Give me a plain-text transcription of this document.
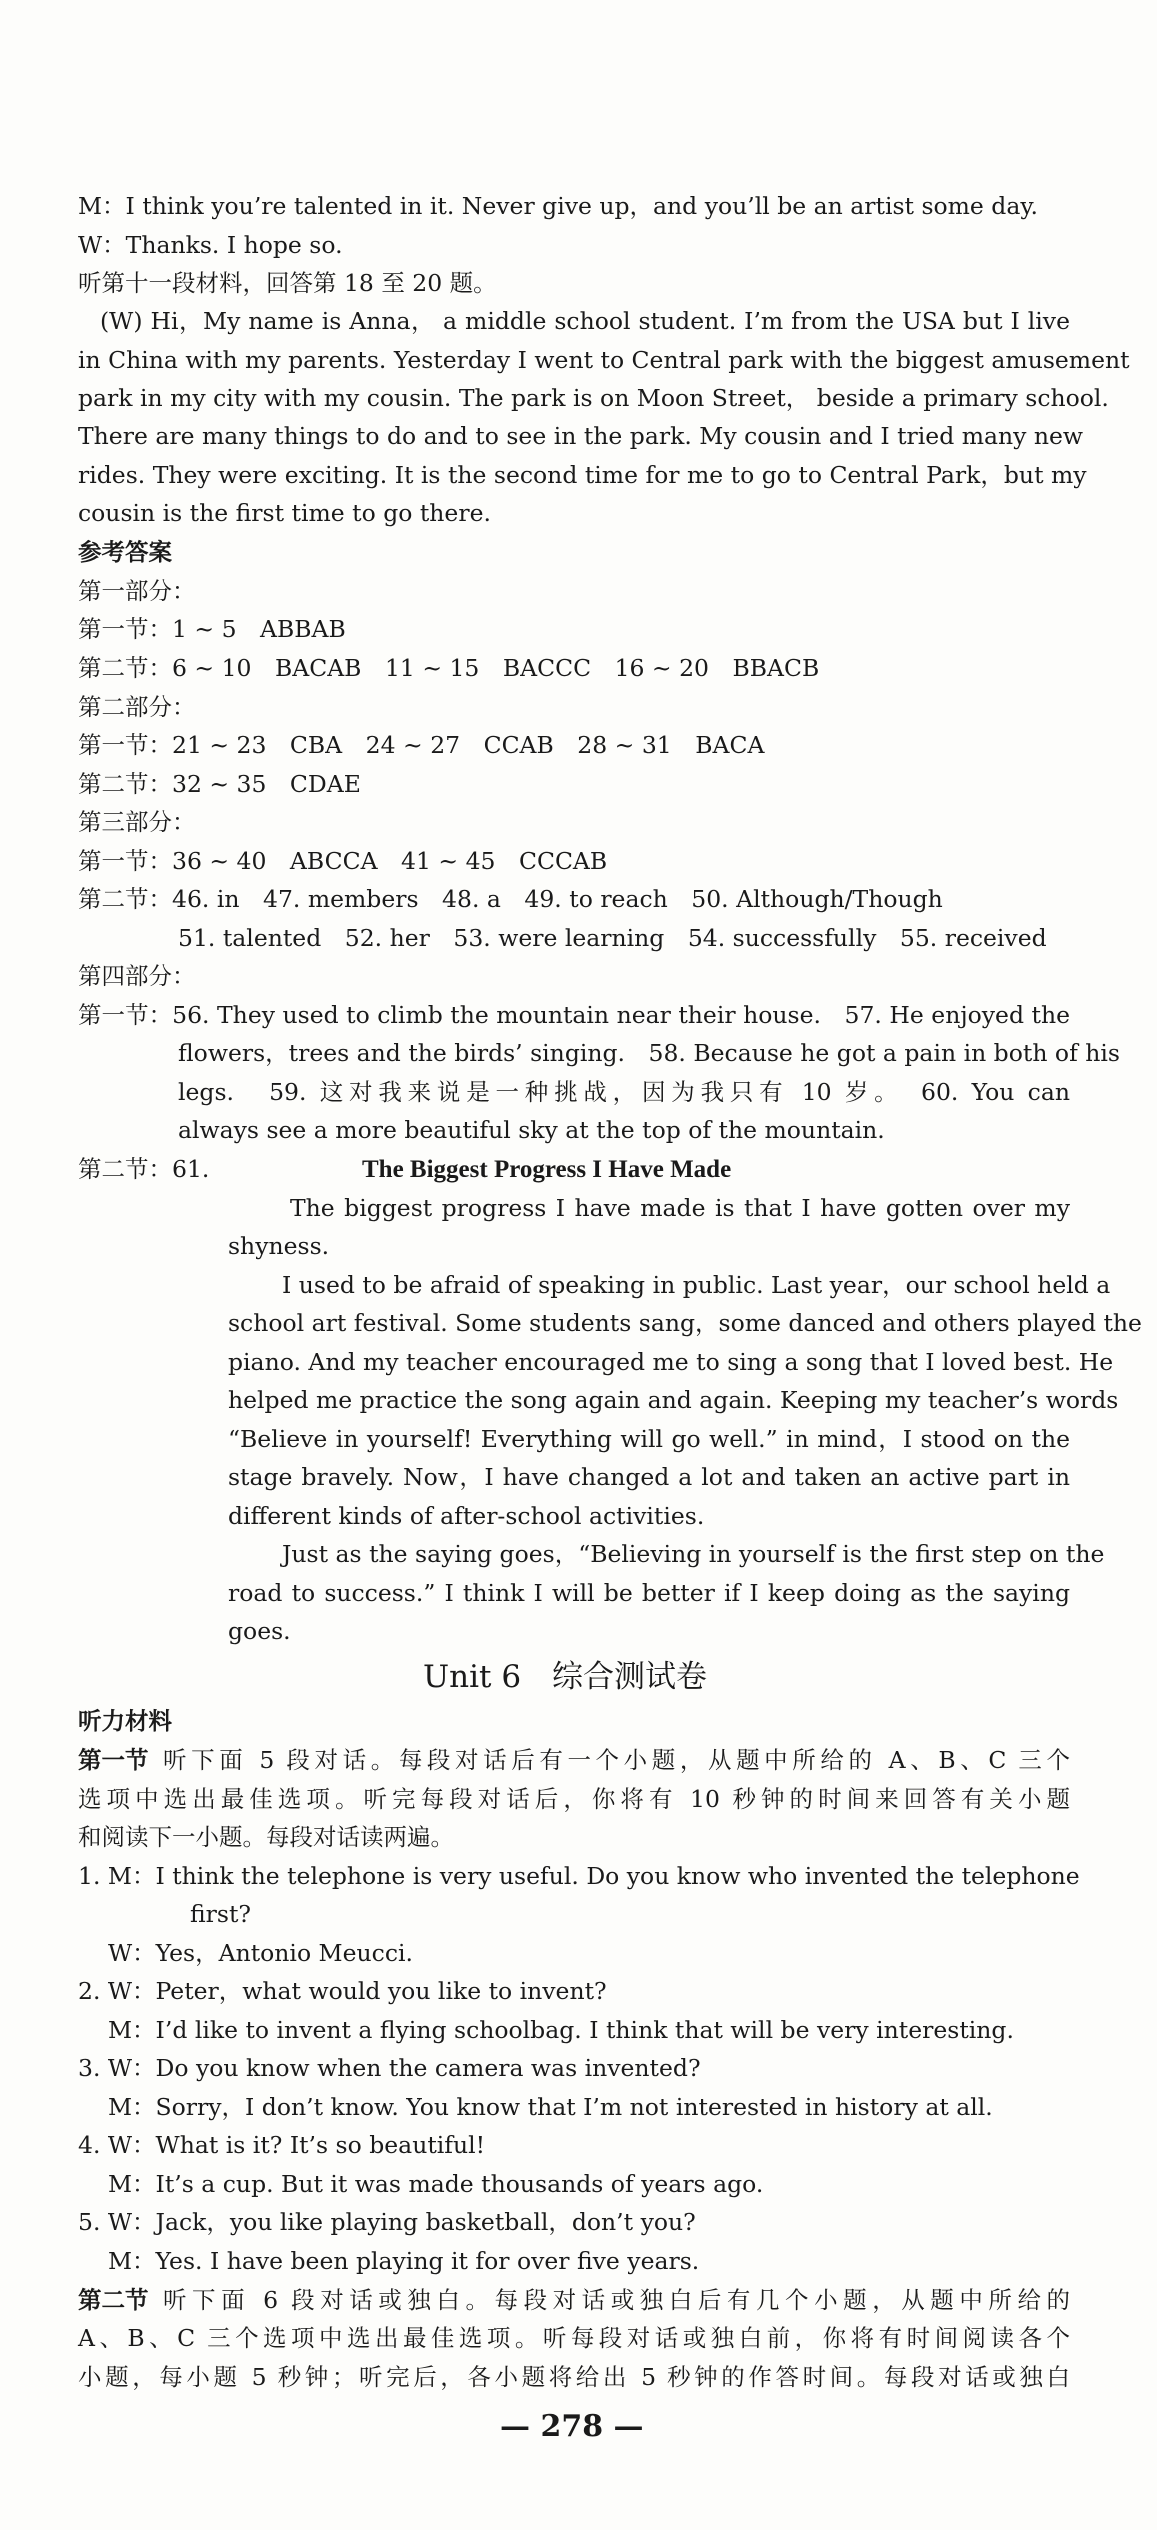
M：I think you’re talented in it. Never give up，and you’ll be an artist some day.
W：Thanks. I hope so.
听第十一段材料，回答第 18 至 20 题。
(W) Hi，My name is Anna， a middle school student. I’m from the USA but I live
in China with my parents. Yesterday I went to Central park with the biggest amusement
park in my city with my cousin. The park is on Moon Street， beside a primary school.
There are many things to do and to see in the park. My cousin and I tried many new
rides. They were exciting. It is the second time for me to go to Central Park，but my
cousin is the first time to go there.
参考答案
第一部分：
第一节：1 ~ 5　ABBAB
第二节：6 ~ 10　BACAB　11 ~ 15　BACCC　16 ~ 20　BBACB
第二部分：
第一节：21 ~ 23　CBA　24 ~ 27　CCAB　28 ~ 31　BACA
第二节：32 ~ 35　CDAE
第三部分：
第一节：36 ~ 40　ABCCA　41 ~ 45　CCCAB
第二节：46. in　47. members　48. a　49. to reach　50. Although/Though
51. talented　52. her　53. were learning　54. successfully　55. received
第四部分：
第一节：56. They used to climb the mountain near their house.　57. He enjoyed the
flowers，trees and the birds’ singing.　58. Because he got a pain in both of his
legs.　59. 这对我来说是一种挑战，因为我只有 10 岁。　60. You can
always see a more beautiful sky at the top of the mountain.
第二节：61.	The Biggest Progress I Have Made
The biggest progress I have made is that I have gotten over my
shyness.
I used to be afraid of speaking in public. Last year，our school held a
school art festival. Some students sang，some danced and others played the
piano. And my teacher encouraged me to sing a song that I loved best. He
helped me practice the song again and again. Keeping my teacher’s words
“Believe in yourself! Everything will go well.” in mind，I stood on the
stage bravely. Now，I have changed a lot and taken an active part in
different kinds of after-school activities.
Just as the saying goes，“Believing in yourself is the first step on the
road to success.” I think I will be better if I keep doing as the saying
goes.
Unit 6　综合测试卷
听力材料
第一节 听下面 5 段对话。每段对话后有一个小题，从题中所给的 A、B、C 三个
选项中选出最佳选项。听完每段对话后，你将有 10 秒钟的时间来回答有关小题
和阅读下一小题。每段对话读两遍。
1. M：I think the telephone is very useful. Do you know who invented the telephone
first?
W：Yes，Antonio Meucci.
2. W：Peter，what would you like to invent?
M：I’d like to invent a flying schoolbag. I think that will be very interesting.
3. W：Do you know when the camera was invented?
M：Sorry，I don’t know. You know that I’m not interested in history at all.
4. W：What is it? It’s so beautiful!
M：It’s a cup. But it was made thousands of years ago.
5. W：Jack，you like playing basketball，don’t you?
M：Yes. I have been playing it for over five years.
第二节 听下面 6 段对话或独白。每段对话或独白后有几个小题，从题中所给的
A、B、C 三个选项中选出最佳选项。听每段对话或独白前，你将有时间阅读各个
小题，每小题 5 秒钟；听完后，各小题将给出 5 秒钟的作答时间。每段对话或独白
— 278 —
